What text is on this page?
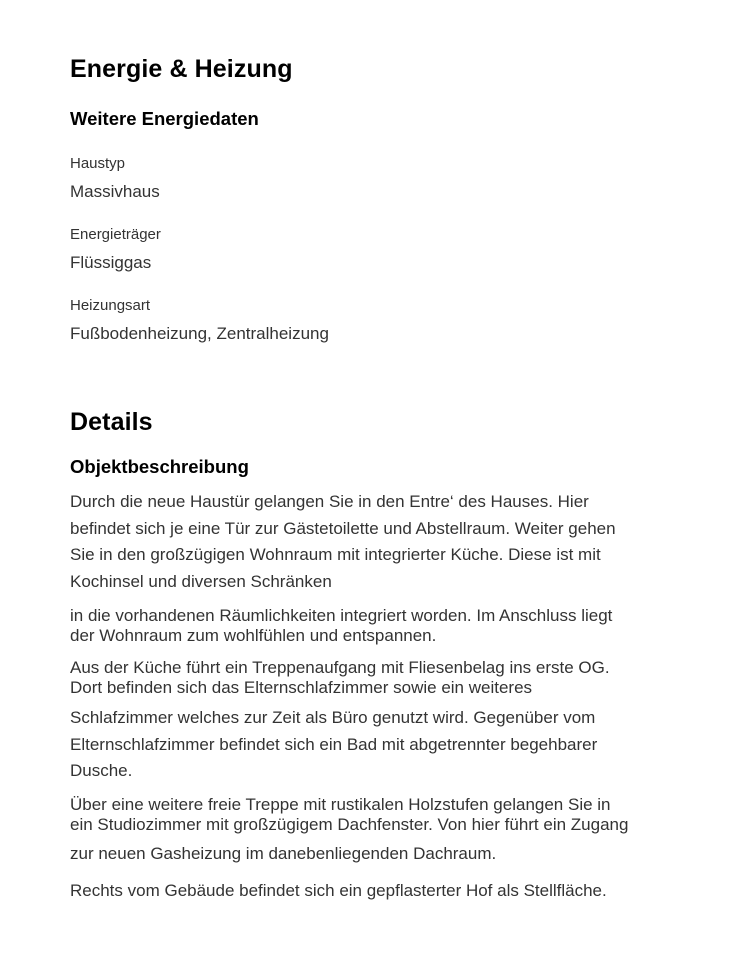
Energie & Heizung
Weitere Energiedaten
Haustyp
Massivhaus
Energieträger
Flüssiggas
Heizungsart
Fußbodenheizung, Zentralheizung
Details
Objektbeschreibung

Durch die neue Haustür gelangen Sie in den Entre‘ des Hauses. Hier
befindet sich je eine Tür zur Gästetoilette und Abstellraum. Weiter gehen
Sie in den großzügigen Wohnraum mit integrierter Küche. Diese ist mit
Kochinsel und diversen Schränken

in die vorhandenen Räumlichkeiten integriert worden. Im Anschluss liegt
der Wohnraum zum wohlfühlen und entspannen.

Aus der Küche führt ein Treppenaufgang mit Fliesenbelag ins erste OG.
Dort befinden sich das Elternschlafzimmer sowie ein weiteres
Schlafzimmer welches zur Zeit als Büro genutzt wird. Gegenüber vom
Elternschlafzimmer befindet sich ein Bad mit abgetrennter begehbarer
Dusche.

Über eine weitere freie Treppe mit rustikalen Holzstufen gelangen Sie in
ein Studiozimmer mit großzügigem Dachfenster. Von hier führt ein Zugang
zur neuen Gasheizung im danebenliegenden Dachraum.

Rechts vom Gebäude befindet sich ein gepflasterter Hof als Stellfläche.
